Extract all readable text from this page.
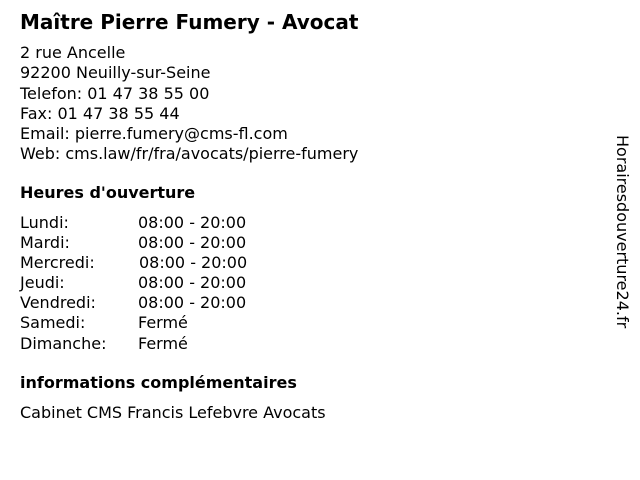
Maître Pierre Fumery - Avocat
2 rue Ancelle
92200 Neuilly-sur-Seine
Telefon: 01 47 38 55 00
Fax: 01 47 38 55 44
Email: pierre.fumery@cms-fl.com
Web: cms.law/fr/fra/avocats/pierre-fumery
Heures d'ouverture
Lundi:	08:00 - 20:00
Mardi:	08:00 - 20:00
Mercredi:	08:00 - 20:00
Jeudi:	08:00 - 20:00
Vendredi:	08:00 - 20:00
Samedi:	Fermé
Dimanche: Fermé
informations complémentaires
Cabinet CMS Francis Lefebvre Avocats
Horairesdouverture24.fr
